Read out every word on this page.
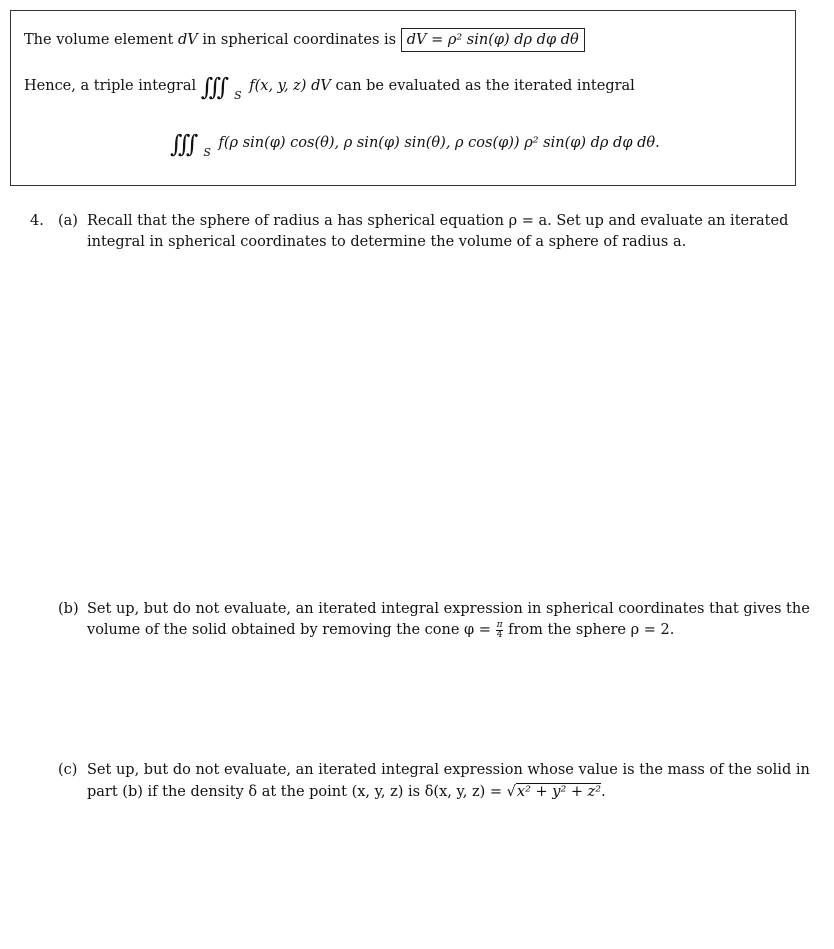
The volume element dV in spherical coordinates is dV = ρ² sin(φ) dρ dφ dθ
Hence, a triple integral ∭ $_S$ f(x, y, z) dV can be evaluated as the iterated integral
∭ $_S$ f(ρ sin(φ) cos(θ), ρ sin(φ) sin(θ), ρ cos(φ)) ρ² sin(φ) dρ dφ dθ.
4. (a) Recall that the sphere of radius a has spherical equation ρ = a. Set up and evaluate an iterated
integral in spherical coordinates to determine the volume of a sphere of radius a.
(b) Set up, but do not evaluate, an iterated integral expression in spherical coordinates that gives the
volume of the solid obtained by removing the cone $\varphi = \frac{\pi}{4}$ from the sphere ρ = 2.
(c) Set up, but do not evaluate, an iterated integral expression whose value is the mass of the solid in
part (b) if the density δ at the point (x, y, z) is δ(x, y, z) = √x² + y² + z².
